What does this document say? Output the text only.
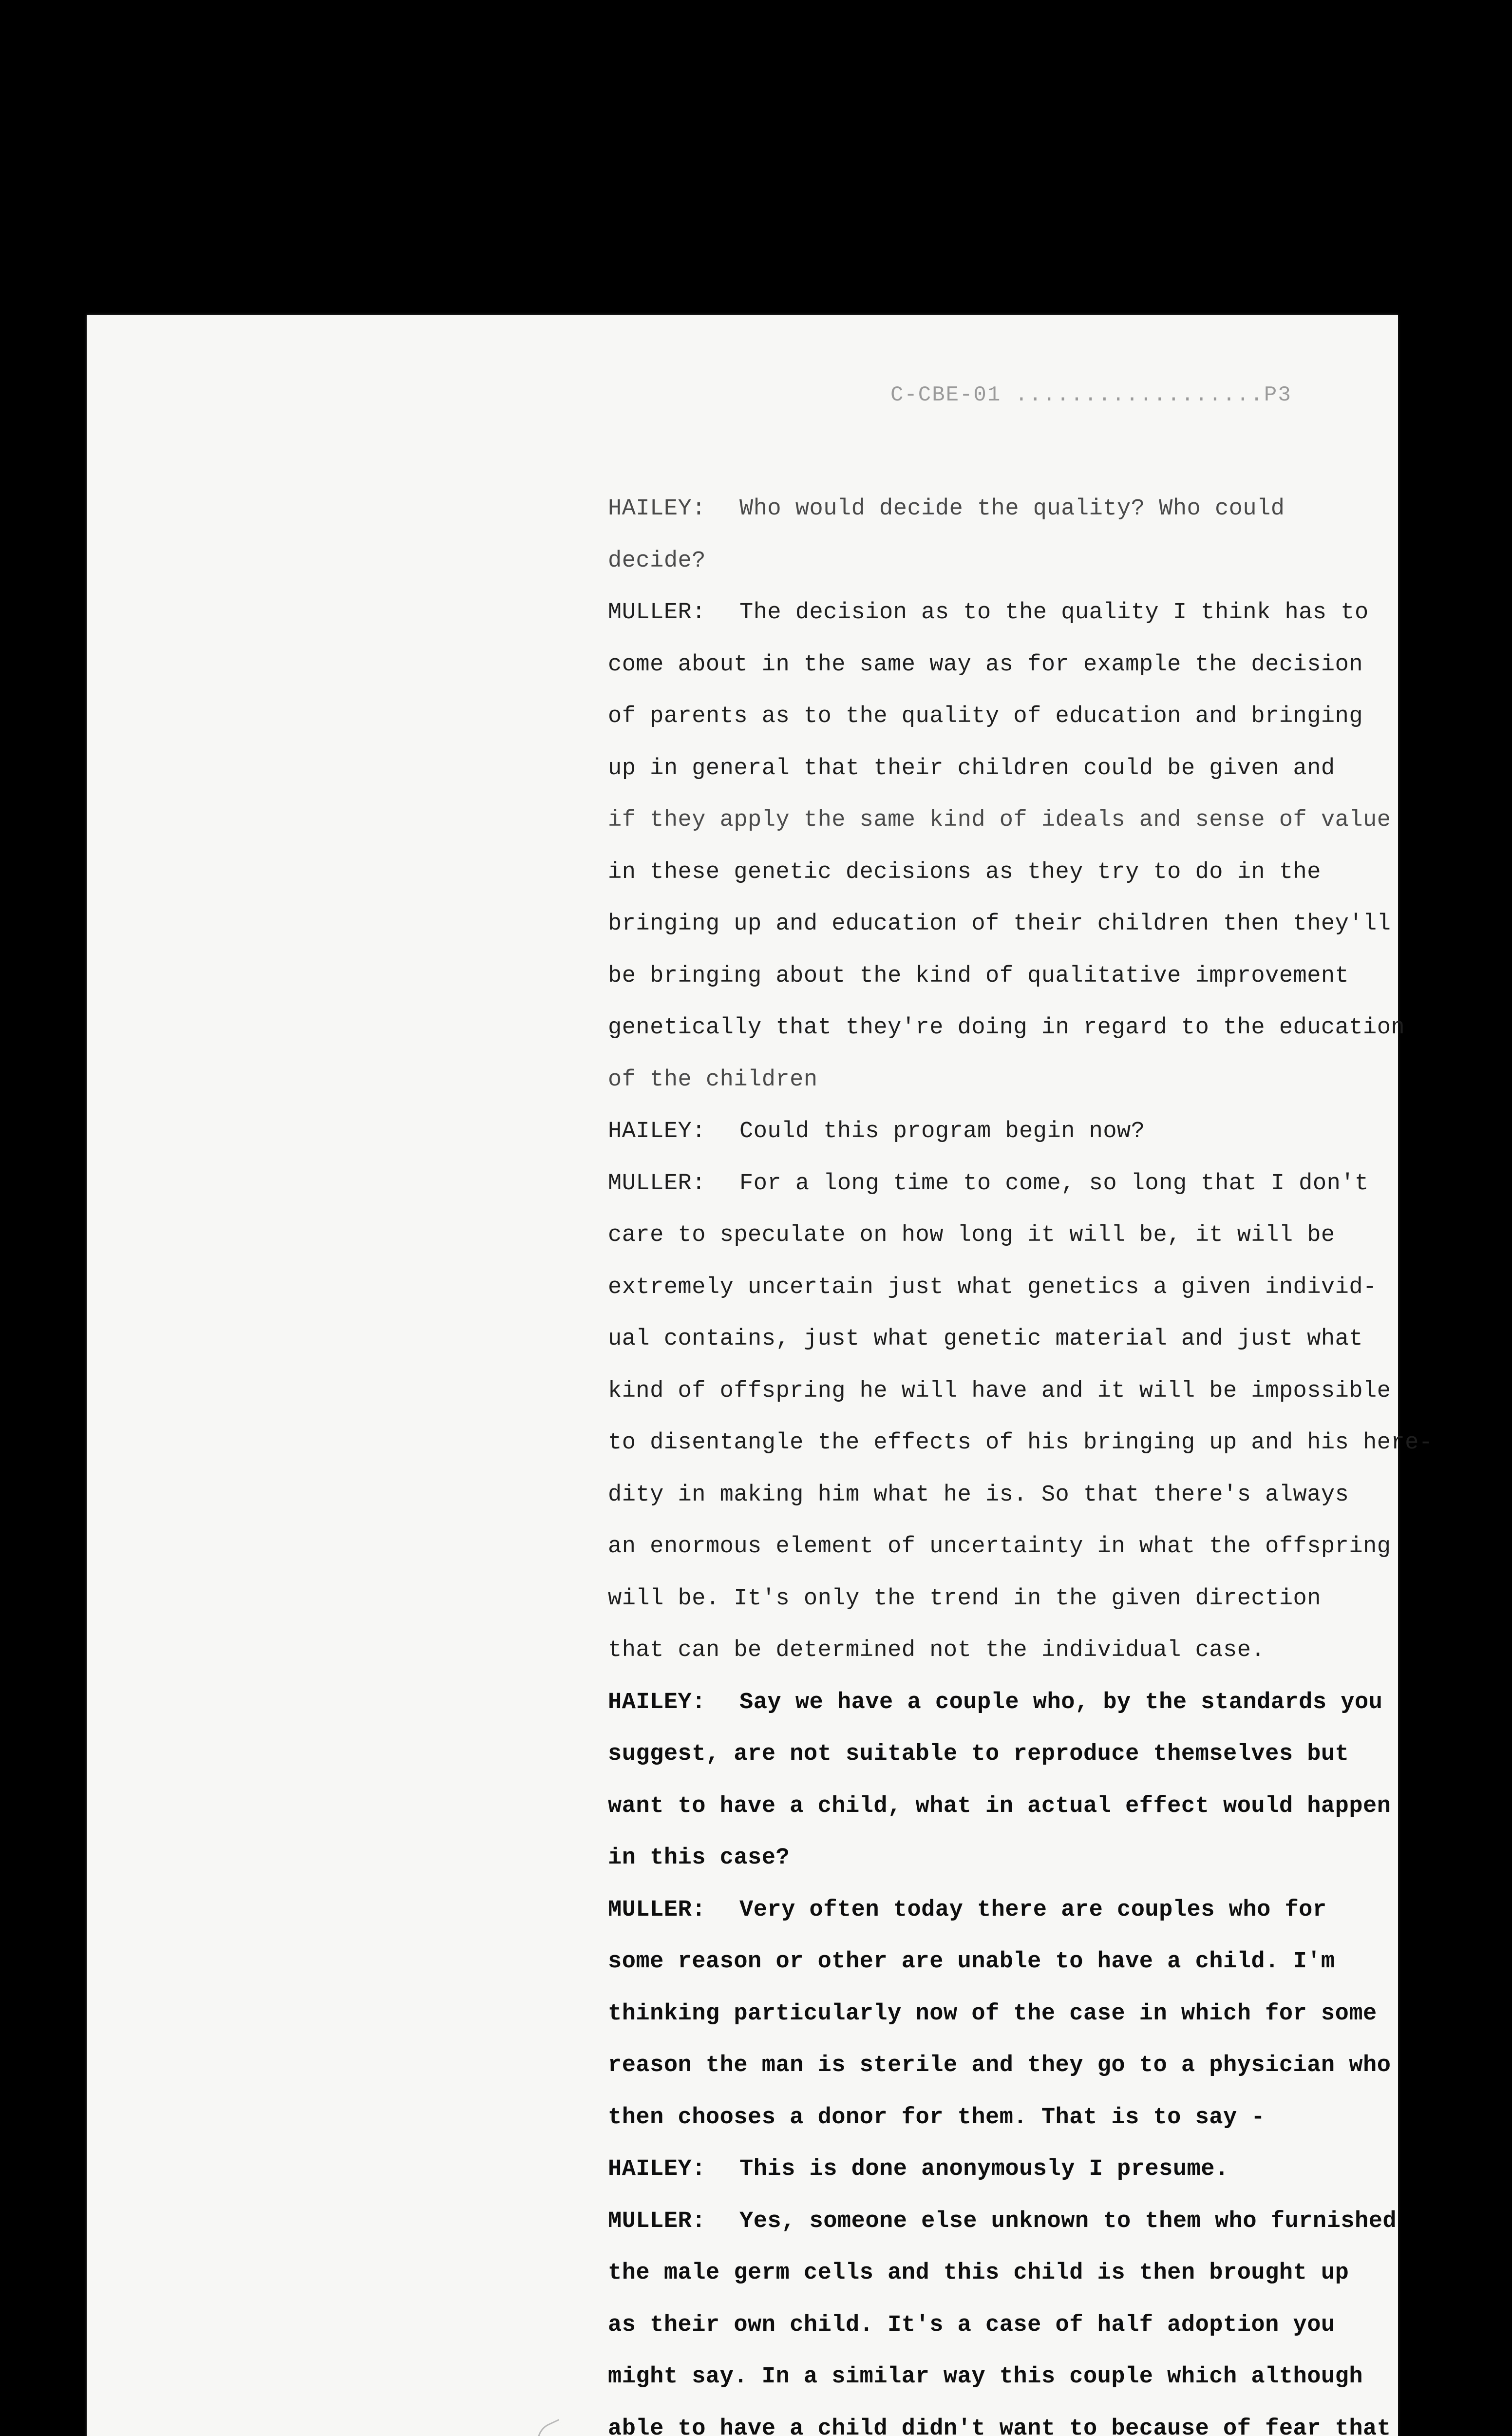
C-CBE-01 ..................P3
HAILEY: Who would decide the quality? Who could
decide?
MULLER: The decision as to the quality I think has to
come about in the same way as for example the decision
of parents as to the quality of education and bringing
up in general that their children could be given and
if they apply the same kind of ideals and sense of value
in these genetic decisions as they try to do in the
bringing up and education of their children then they'll
be bringing about the kind of qualitative improvement
genetically that they're doing in regard to the education
of the children
HAILEY: Could this program begin now?
MULLER: For a long time to come, so long that I don't
care to speculate on how long it will be, it will be
extremely uncertain just what genetics a given individ-
ual contains, just what genetic material and just what
kind of offspring he will have and it will be impossible
to disentangle the effects of his bringing up and his here-
dity in making him what he is. So that there's always
an enormous element of uncertainty in what the offspring
will be. It's only the trend in the given direction
that can be determined not the individual case.
HAILEY: Say we have a couple who, by the standards you
suggest, are not suitable to reproduce themselves but
want to have a child, what in actual effect would happen
in this case?
MULLER: Very often today there are couples who for
some reason or other are unable to have a child. I'm
thinking particularly now of the case in which for some
reason the man is sterile and they go to a physician who
then chooses a donor for them. That is to say -
HAILEY: This is done anonymously I presume.
MULLER: Yes, someone else unknown to them who furnished
the male germ cells and this child is then brought up
as their own child. It's a case of half adoption you
might say. In a similar way this couple which although
able to have a child didn't want to because of fear that
